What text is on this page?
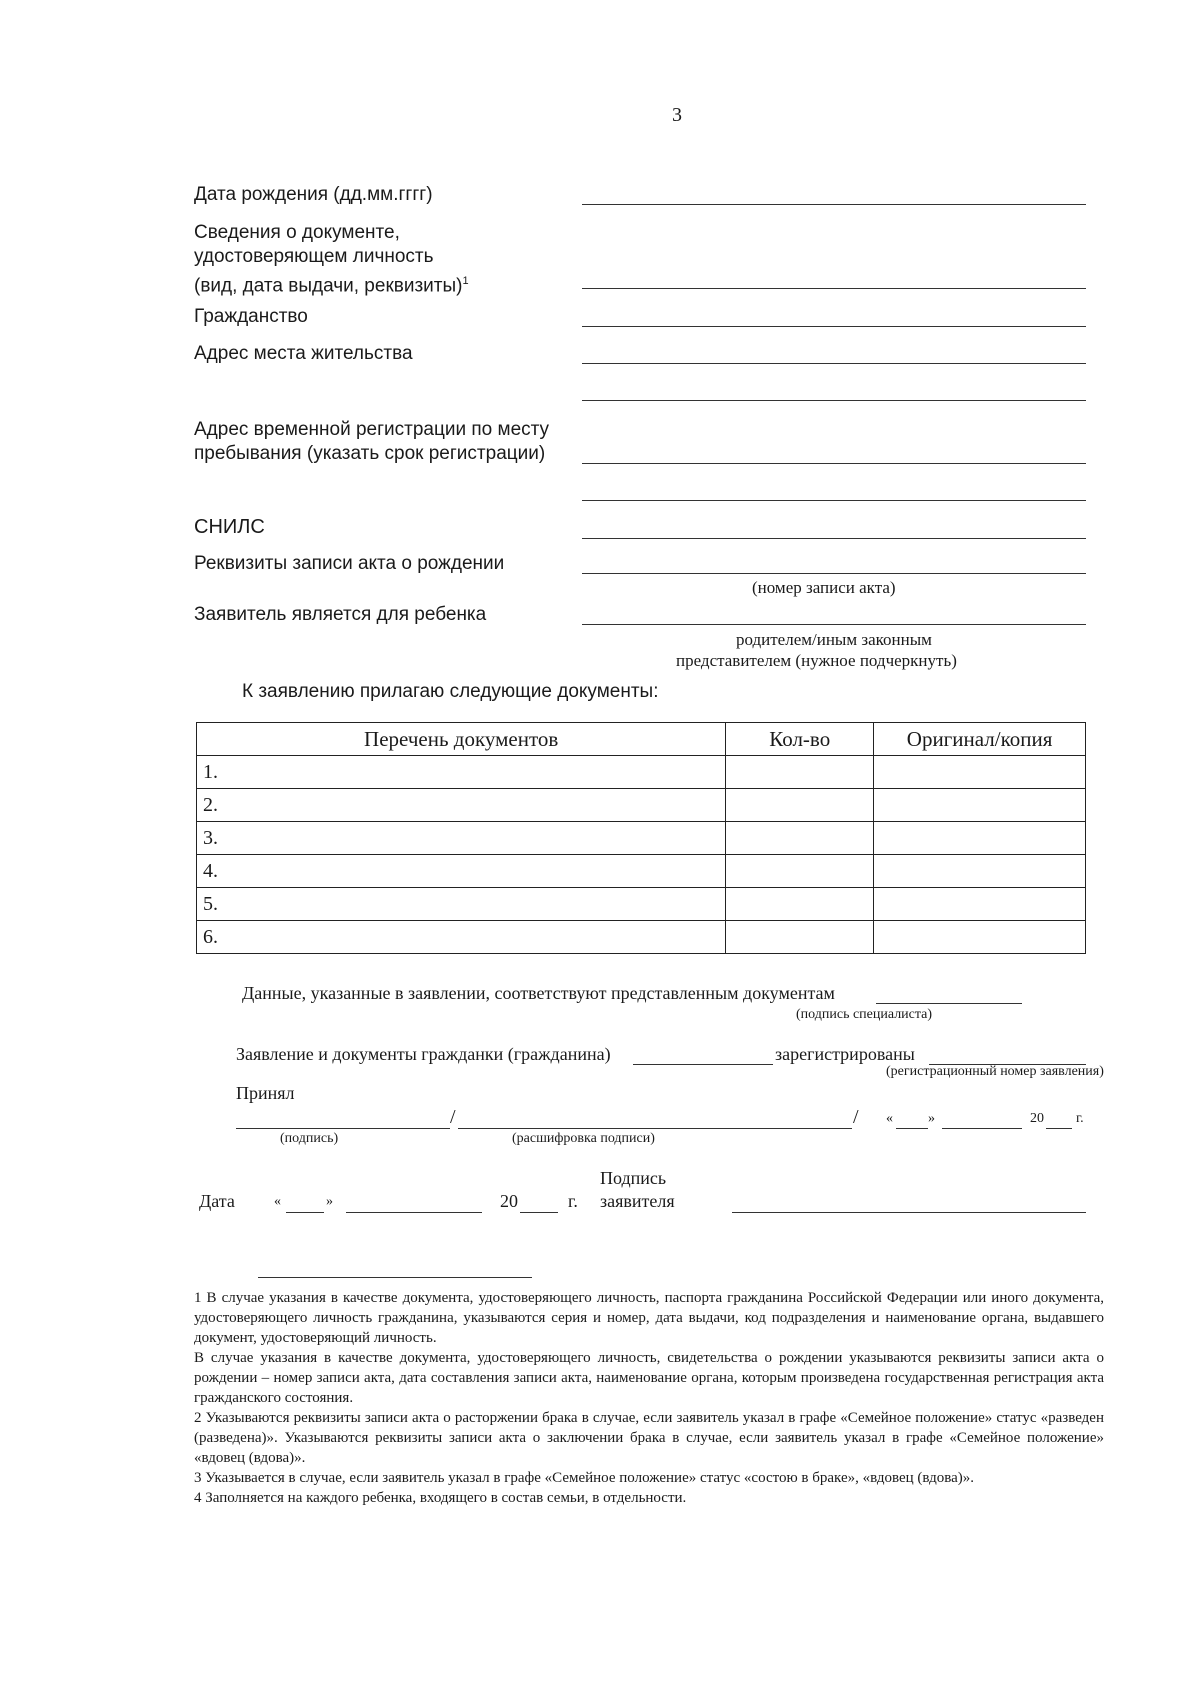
3
Дата рождения (дд.мм.гггг)
Сведения о документе,
удостоверяющем личность
(вид, дата выдачи, реквизиты)$^1$
Гражданство
Адрес места жительства
Адрес временной регистрации по месту
пребывания (указать срок регистрации)
СНИЛС
Реквизиты записи акта о рождении
(номер записи акта)
Заявитель является для ребенка
родителем/иным законным
представителем (нужное подчеркнуть)
К заявлению прилагаю следующие документы:
Перечень документов	Кол-во	Оригинал/копия
1.		
2.		
3.		
4.		
5.		
6.		
Данные, указанные в заявлении, соответствуют представленным документам
(подпись специалиста)
Заявление и документы гражданки (гражданина)	зарегистрированы
(регистрационный номер заявления)
Принял
/	/ «	»	20 г.
(подпись)	(расшифровка подписи)
Дата	«	»	20	г.
Подпись
заявителя

1 В случае указания в качестве документа, удостоверяющего личность, паспорта гражданина Российской Федерации или иного документа, удостоверяющего личность гражданина, указываются серия и номер, дата выдачи, код подразделения и наименование органа, выдавшего документ, удостоверяющий личность.

В случае указания в качестве документа, удостоверяющего личность, свидетельства о рождении указываются реквизиты записи акта о рождении – номер записи акта, дата составления записи акта, наименование органа, которым произведена государственная регистрация акта гражданского состояния.

2 Указываются реквизиты записи акта о расторжении брака в случае, если заявитель указал в графе «Семейное положение» статус «разведен (разведена)». Указываются реквизиты записи акта о заключении брака в случае, если заявитель указал в графе «Семейное положение» «вдовец (вдова)».

3 Указывается в случае, если заявитель указал в графе «Семейное положение» статус «состою в браке», «вдовец (вдова)».

4 Заполняется на каждого ребенка, входящего в состав семьи, в отдельности.
